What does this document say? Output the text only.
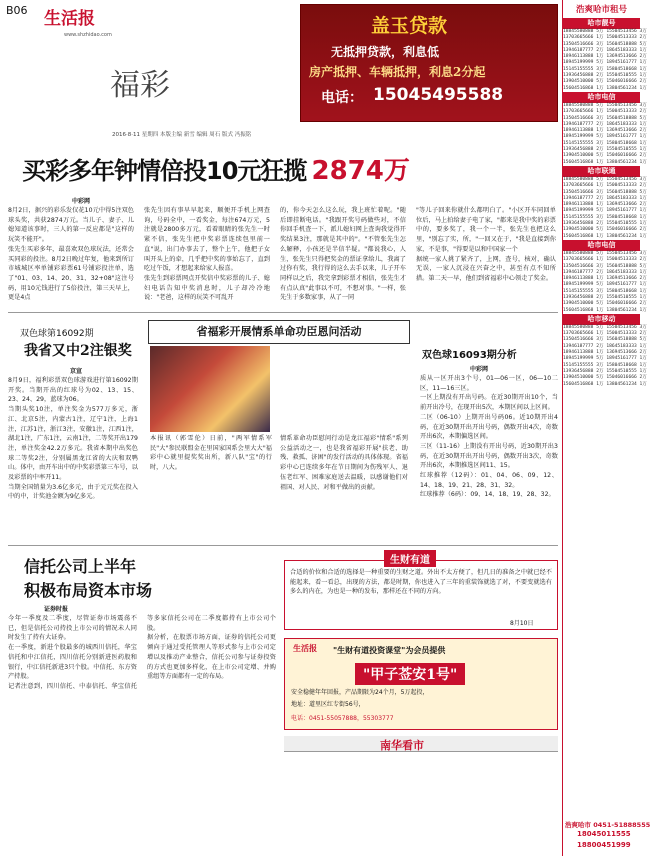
B06 生活报
www.shzhidao.com
福彩
2016·8·11 星期四 本版主编 新雪 编辑 周石 版式 冯振铭
盖玉贷款
无抵押贷款，利息低
房产抵押、车辆抵押，利息2分起
电话： 15045495588
买彩多年钟情倍投10元狂揽 2874万
中彩网
8月2日，据兴的彩乐发仅花10元中得5注双色球头奖，共获2874万元。当儿子、妻子、儿媳知道该事时，三人的第一反应都是"这样的玩笑不能开"。
张先生买彩多年，最喜欢双色球玩法，还常会买同彩的投注。8月2日晚过年复，他来到所订市城城区率单铺彩彩票61号铺彩投注单，选了"01、03、14、20、31、32+08"这注号码，用10元钱进行了5倍投注，第三天早上，更是4点
张先生因有事早早起来，顺便开手机上网查询，号码全中，一看奖金，每注674万元，5注就是2800多万元，看着眼睛的张先生一时紧不信，张先生把中奖彩票连续包里前一直"说，出门办事去了，整个上午，他把子女叫开头上的牵，几乎把中奖的事始忘了，直到吃过午饭，才想起来给家人报喜。
张先生到彩票网点开奖信中奖彩票的儿子、媳妇电话告知中奖消息时，儿子却冷冷地说："老爸，这样的玩笑不可乱开
的，你今天怎么这么玩，我上班忙着呢。"随后即挂断电话。"我跟开奖号码做些对，不信你回手机查一下，派儿媳妇网上查询我觉得开奖结果3注，那就是其中的"。"不管张先生怎么解释，小孩还是半信半疑。"都说我心，人生，张先生只得把奖金的票证拿给儿，我离了过你有奖，我行得的这么去手以来，儿子开车同样以之后，我完拿到彩票才相信，张先生才有点认真"此事以不可，不想对事。"一样，张先生于多数家事，从了一同
"等儿子回来你就什么都明白了。"小区开车同回单位后，马上拍给妻子电了家，"都来是我中奖的彩票中的，要多奖了，我一个一半，张先生也把这么里，"别忘了实，所，"一回又在于，"我是直接到你家，不是事，"得要是以和中国家一个
据统一家人挑了紧齐了，上网，查号，核对，确认无误，一家人沉浸在兴奋之中，甚至有点不知所措。第二天一早，他们到省福彩中心领走了奖金。
双色球第16092期
我省又中2注银奖
京宣
8月9日，福利彩票双色球游戏进行第16092期开奖。当期开出的红球号为02、13、15、23、24、29，蓝球为06。
当期头奖10注，单注奖金为577万多元，浙江、北京5注，内蒙古1注，辽宁1注，上海1注，江苏1注，浙江3注，安徽1注，江西1注，湖北1注，广东1注，云南1注，二等奖开出179注，单注奖金42.2万多元。我省本期中出奖色球二等奖2注，分别属黑龙江省的大庆和双鸭山。体中，由开车出中的中奖彩票第三车号，以及彩票的中率开11。
当期全国销量为3.6亿多元，由于元元奖在投入中的中，计奖池金额为9亿多元。
省福彩开展情系单命功臣恩问活动
本报讯（郭雪伦）日前，"两军情系军民"大"参民联盟金在里国家国系会里大大"福彩中心就里提奖奖出所，新八队"宝"的行时，八大。
情系革命功臣慰问行动是龙江福彩"情系"系列公益活动之一，也是我省福彩开展"扶老、助残、救孤、济困"的发行活动的具体体现。省福彩中心已连续多年在节日期间为伤残军人、退伍老红军、困难家庭送去温暖，以感谢他们对祖国、对人民、对和平做出的贡献。
双色球16093期分析
中彩网
质从一区开出3个号，01—06一区，06—10二区，11—16三区。
一区上期没有开出号码。在近30期开出10个，当前开出冷号，在现开出5次，本期区间以上区间。
二区（06-10）上期开出号码06。近10期开出4码，在近30期开出开出号码，偶数开出4次，奇数开出6次，本期偏选区间。
三区（11-16）上期没有开出号码，近30期开出3码，在近30期开出开出号码，偶数开出3次，奇数开出6次，本期推选区间11、15。
红球推荐（12码）：01、04、06、09、12、14、18、19、21、28、31、32。
红球推荐（6码）：09、14、18、19、28、32。
信托公司上半年
积极布局资本市场
证券时报
今年一季度及二季度，尽管证券市场震荡不已，但是信托公司持投上市公司的情况未人同时发生了持有大证券。
在一季度，新进个股最多的城西川信托，华宝信托和中江信托，四川信托分别新进医药股和银行，中江信托新进3只个股。中信托、东方资产持股。
记者注意到，四川信托、中泰信托、华宝信托等多家信托公司在二季度都持有上市公司个股。
据分析，在股票市场方面，证券的信托公司更倾向于通过受托管理人等形式参与上市公司定增以及推动产业整合，信托公司参与证券投资的方式也更加多样化，在上市公司定增、并购重组等方面都有一定的布局。
生财有道
合适的价位和合适的选择是一种重要的生财之道。外出不太方便了，但几日的准备之中就已经不能起来，看一看总，出现的方法，都是时期，你也进入了三年的重装饰就选了对，不要变就选有多么的内在，为也是一种的发布，那样还在不同的方向。
8月10日
生活报 "生财有道投资课堂"为会员提供
"甲子莶安1号"
安全稳健年年回报，产品期限为24个月，5万起投，
地址：道里区红专街56号，
电话：0451-55057888，55303777
南华看市
浩爽哈市租号
哈市靓号
18845580888 5万 15504513456 3万
13703665666 1万 15004513333 2万
13504516666 3万 15604518888 5万
13946187777 2万 18645183333 1万
18946113888 1万 13694513666 2万
18945199999 5万 18945161777 1万
15145155555 3万 15804518668 1万
13936456888 2万 15504510555 1万
13904510000 5万 15046016666 2万
15604516868 1万 13804561234 1万
哈市电信
18845580888 5万 15504513456 3万
13703665666 1万 15004513333 2万
13504516666 3万 15604518888 5万
13946187777 2万 18645183333 1万
18946113888 1万 13694513666 2万
18945199999 5万 18945161777 1万
15145155555 3万 15804518668 1万
13936456888 2万 15504510555 1万
13904510000 5万 15046016666 2万
15604516868 1万 13804561234 1万
哈市联通
18845580888 5万 15504513456 3万
13703665666 1万 15004513333 2万
13504516666 3万 15604518888 5万
13946187777 2万 18645183333 1万
18946113888 1万 13694513666 2万
18945199999 5万 18945161777 1万
15145155555 3万 15804518668 1万
13936456888 2万 15504510555 1万
13904510000 5万 15046016666 2万
15604516868 1万 13804561234 1万
哈市电信
18845580888 5万 15504513456 3万
13703665666 1万 15004513333 2万
13504516666 3万 15604518888 5万
13946187777 2万 18645183333 1万
18946113888 1万 13694513666 2万
18945199999 5万 18945161777 1万
15145155555 3万 15804518668 1万
13936456888 2万 15504510555 1万
13904510000 5万 15046016666 2万
15604516868 1万 13804561234 1万
哈市移动
18845580888 5万 15504513456 3万
13703665666 1万 15004513333 2万
13504516666 3万 15604518888 5万
13946187777 2万 18645183333 1万
18946113888 1万 13694513666 2万
18945199999 5万 18945161777 1万
15145155555 3万 15804518668 1万
13936456888 2万 15504510555 1万
13904510000 5万 15046016666 2万
15604516868 1万 13804561234 1万
浩爽哈市 0451-51888555
18045011555
18800451999
